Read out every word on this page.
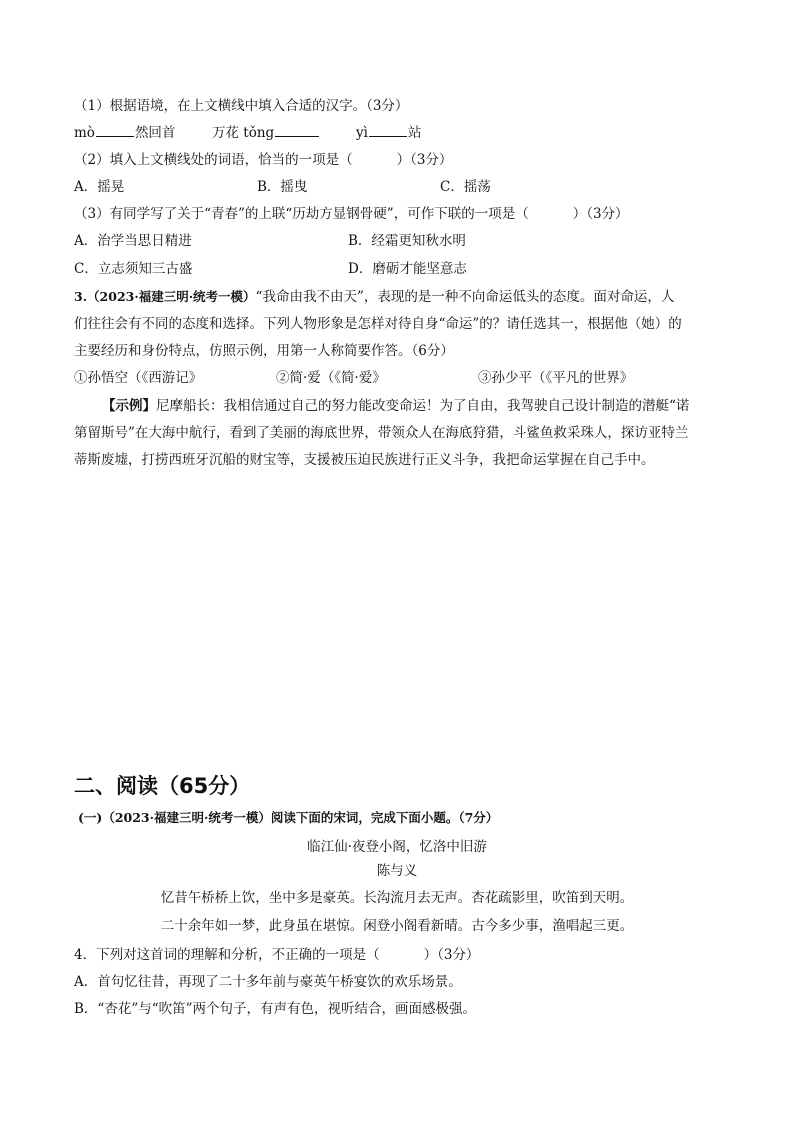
（1）根据语境，在上文横线中填入合适的汉字。（3分）
mò	然回首	万花 tǒng	yì	站
（2）填入上文横线处的词语，恰当的一项是（	）（3分）
A．摇晃	B．摇曳	C．摇荡
（3）有同学写了关于“青春”的上联“历劫方显钢骨硬”，可作下联的一项是（	）（3分）
A．治学当思日精进	B．经霜更知秋水明
C．立志须知三古盛	D．磨砺才能坚意志
3.（2023·福建三明·统考一模）“我命由我不由天”，表现的是一种不向命运低头的态度。面对命运，人
们往往会有不同的态度和选择。下列人物形象是怎样对待自身“命运”的？请任选其一，根据他（她）的
主要经历和身份特点，仿照示例，用第一人称简要作答。（6分）
①孙悟空（《西游记》	②简·爱（《简·爱》	③孙少平（《平凡的世界》
【示例】尼摩船长：我相信通过自己的努力能改变命运！为了自由，我驾驶自己设计制造的潜艇“诺
第留斯号”在大海中航行，看到了美丽的海底世界，带领众人在海底狩猎，斗鲨鱼救采珠人，探访亚特兰
蒂斯废墟，打捞西班牙沉船的财宝等，支援被压迫民族进行正义斗争，我把命运掌握在自己手中。
二、阅读（65分）
(一)（2023·福建三明·统考一模）阅读下面的宋词，完成下面小题。（7分）
临江仙·夜登小阁，忆洛中旧游
陈与义
忆昔午桥桥上饮，坐中多是豪英。长沟流月去无声。杏花疏影里，吹笛到天明。
二十余年如一梦，此身虽在堪惊。闲登小阁看新晴。古今多少事，渔唱起三更。
4．下列对这首词的理解和分析，不正确的一项是（	）（3分）
A．首句忆往昔，再现了二十多年前与豪英午桥宴饮的欢乐场景。
B．“杏花”与“吹笛”两个句子，有声有色，视听结合，画面感极强。
